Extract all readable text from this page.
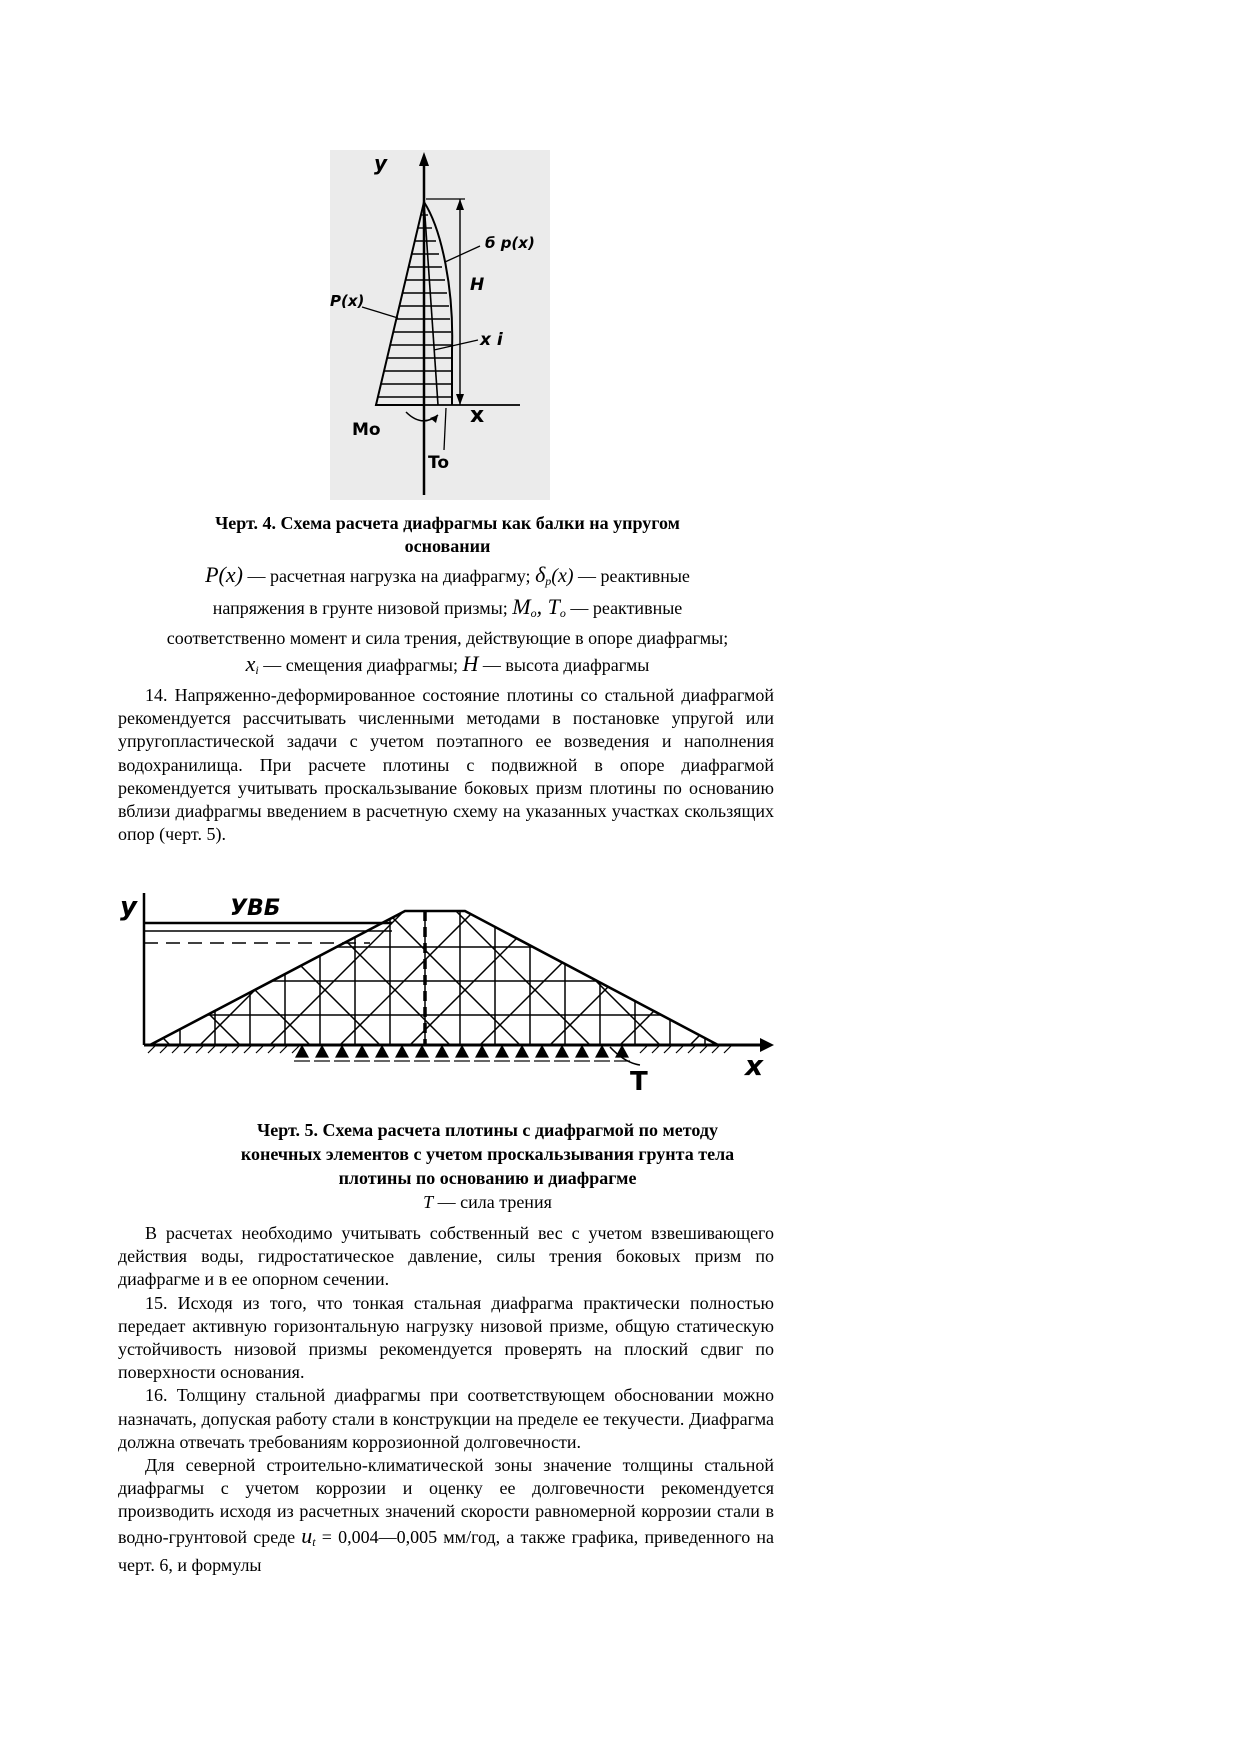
y
б p(x)
H
P(x)
x i
x
Mo
To
Черт. 4. Схема расчета диафрагмы как балки на упругом
основании
P(x) — расчетная нагрузка на диафрагму; $\delta_p(x)$ — реактивные
напряжения в грунте низовой призмы; $M_o$, $T_o$ — реактивные
соответственно момент и сила трения, действующие в опоре диафрагмы;
$x_i$ — смещения диафрагмы; H — высота диафрагмы

14. Напряженно-деформированное состояние плотины со стальной диафрагмой рекомендуется рассчитывать численными методами в постановке упругой или упругопластической задачи с учетом поэтапного ее возведения и наполнения водохранилища. При расчете плотины с подвижной в опоре диафрагмой рекомендуется учитывать проскальзывание боковых призм плотины по основанию вблизи диафрагмы введением в расчетную схему на указанных участках скользящих опор (черт. 5).

y	УВБ
x
T
Черт. 5. Схема расчета плотины с диафрагмой по методу
конечных элементов с учетом проскальзывания грунта тела
плотины по основанию и диафрагме
T — сила трения

В расчетах необходимо учитывать собственный вес с учетом взвешивающего действия воды, гидростатическое давление, силы трения боковых призм по диафрагме и в ее опорном сечении.

15. Исходя из того, что тонкая стальная диафрагма практически полностью передает активную горизонтальную нагрузку низовой призме, общую статическую устойчивость низовой призмы рекомендуется проверять на плоский сдвиг по поверхности основания.

16. Толщину стальной диафрагмы при соответствующем обосновании можно назначать, допуская работу стали в конструкции на пределе ее текучести. Диафрагма должна отвечать требованиям коррозионной долговечности.

Для северной строительно-климатической зоны значение толщины стальной диафрагмы с учетом коррозии и оценку ее долговечности рекомендуется производить исходя из расчетных значений скорости равномерной коррозии стали в водно-грунтовой среде ut = 0,004—0,005 мм/год, а также графика, приведенного на черт. 6, и формулы
